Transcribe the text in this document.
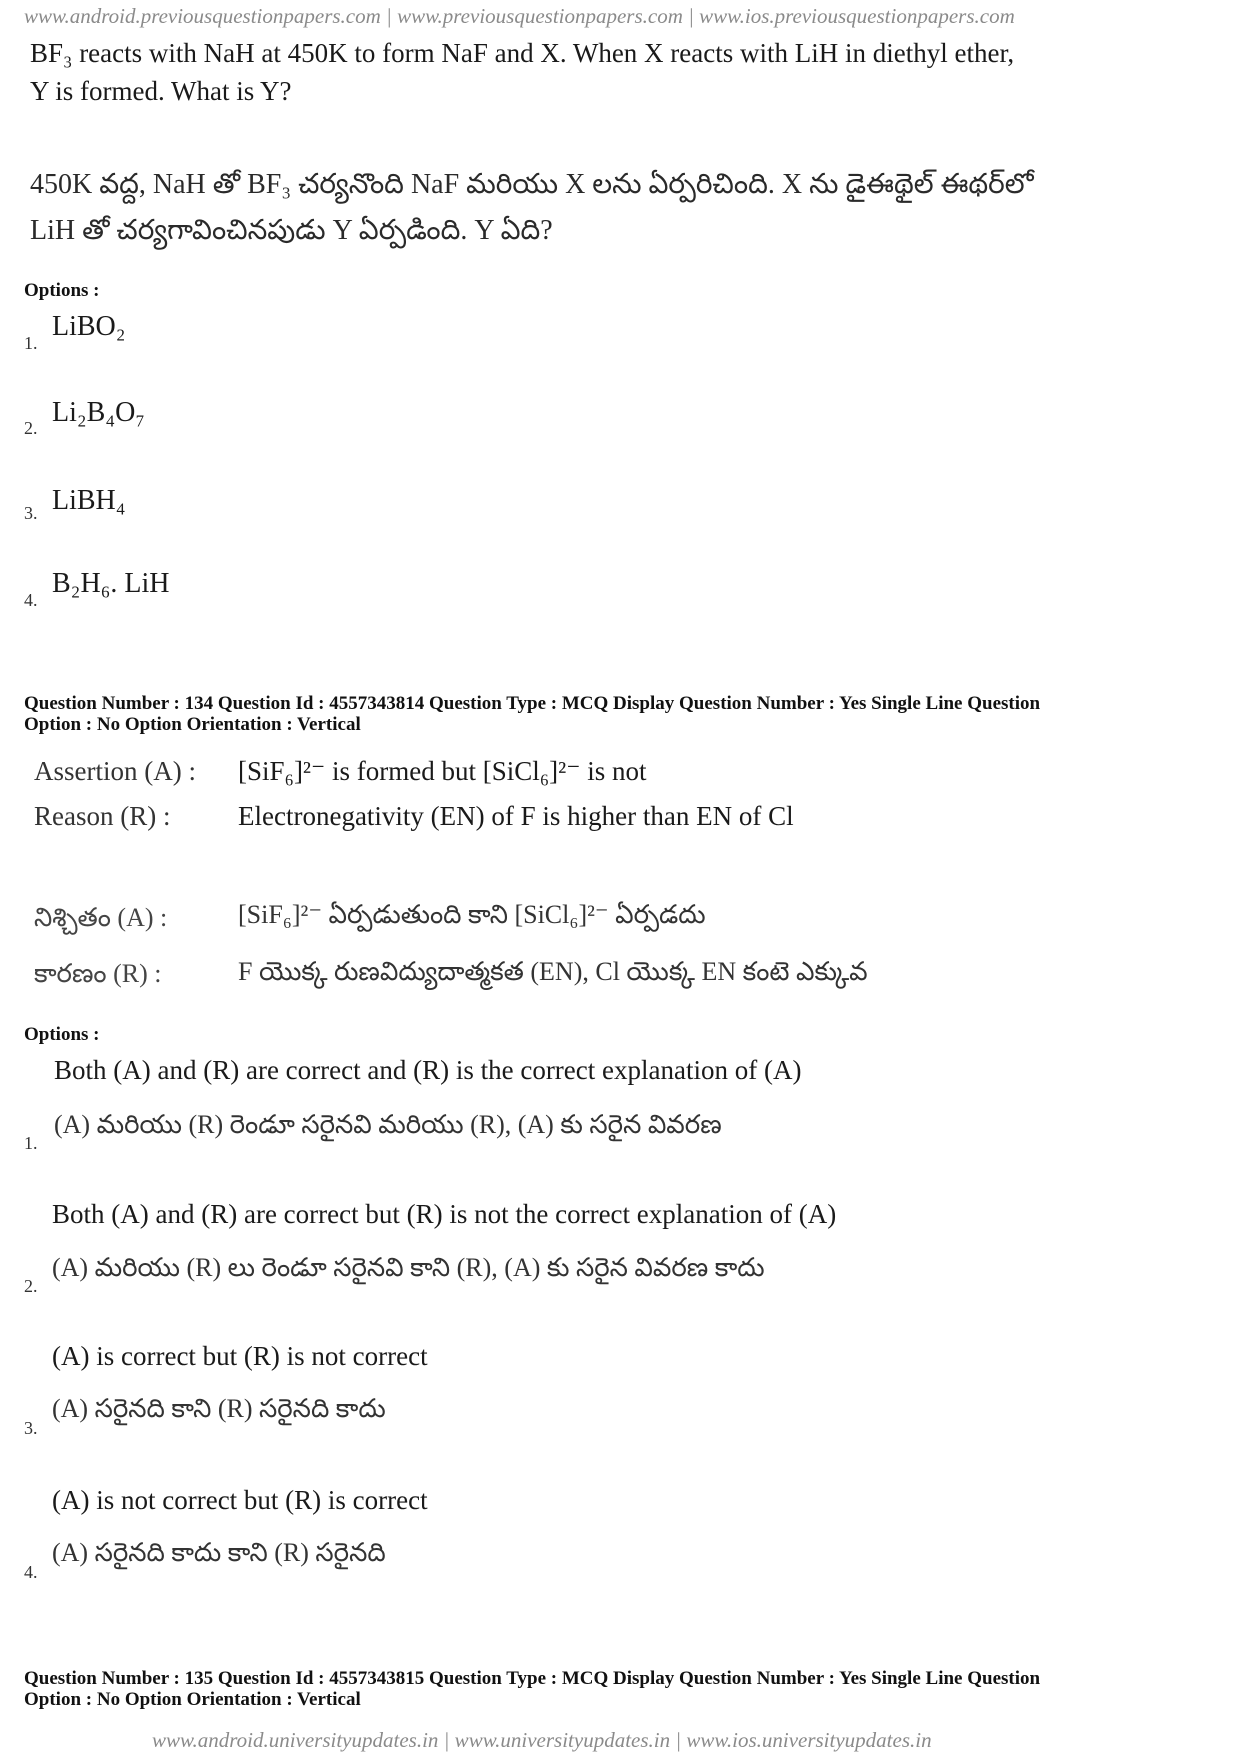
www.android.previousquestionpapers.com | www.previousquestionpapers.com | www.ios.previousquestionpapers.com
BF₃ reacts with NaH at 450K to form NaF and X. When X reacts with LiH in diethyl ether,
Y is formed. What is Y?
450K వద్ద, NaH తో BF₃ చర్యనొంది NaF మరియు X లను ఏర్పరిచింది. X ను డైఈథైల్ ఈథర్‌లో
LiH తో చర్యగావించినపుడు Y ఏర్పడింది. Y ఏది?
Options :
1.
LiBO₂
2. Li₂B₄O₇
3. LiBH₄
4.
B₂H₆. LiH
Question Number : 134 Question Id : 4557343814 Question Type : MCQ Display Question Number : Yes Single Line Question
Option : No Option Orientation : Vertical
Assertion (A) : [SiF₆]²⁻ is formed but [SiCl₆]²⁻ is not
Reason (R) :	Electronegativity (EN) of F is higher than EN of Cl
నిశ్చితం (A) :	[SiF₆]²⁻ ఏర్పడుతుంది కాని [SiCl₆]²⁻ ఏర్పడదు
కారణం (R) :	F యొక్క రుణవిద్యుదాత్మకత (EN), Cl యొక్క EN కంటె ఎక్కువ
Options :
Both (A) and (R) are correct and (R) is the correct explanation of (A)
1.
(A) మరియు (R) రెండూ సరైనవి మరియు (R), (A) కు సరైన వివరణ
Both (A) and (R) are correct but (R) is not the correct explanation of (A)
2.
(A) మరియు (R) లు రెండూ సరైనవి కాని (R), (A) కు సరైన వివరణ కాదు
(A) is correct but (R) is not correct
3.
(A) సరైనది కాని (R) సరైనది కాదు
(A) is not correct but (R) is correct
4.
(A) సరైనది కాదు కాని (R) సరైనది
Question Number : 135 Question Id : 4557343815 Question Type : MCQ Display Question Number : Yes Single Line Question
Option : No Option Orientation : Vertical
www.android.universityupdates.in | www.universityupdates.in | www.ios.universityupdates.in
